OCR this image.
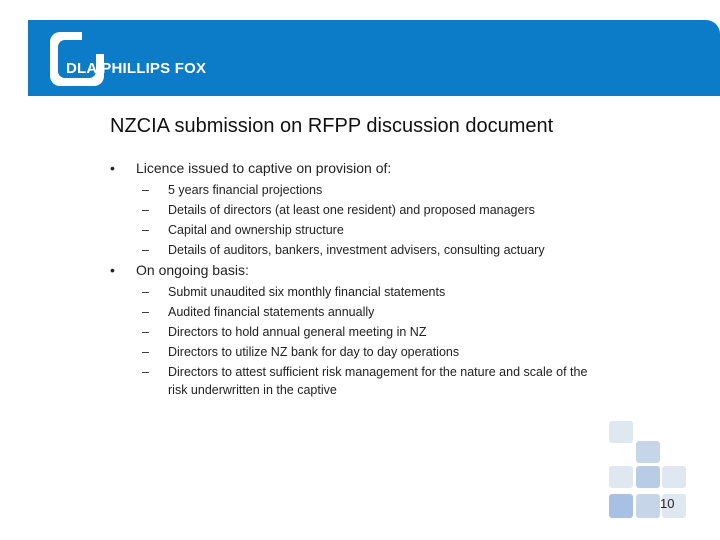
DLA PHILLIPS FOX
NZCIA submission on RFPP discussion document
• Licence issued to captive on provision of:
– 5 years financial projections
– Details of directors (at least one resident) and proposed managers
– Capital and ownership structure
– Details of auditors, bankers, investment advisers, consulting actuary
• On ongoing basis:
– Submit unaudited six monthly financial statements
– Audited financial statements annually
– Directors to hold annual general meeting in NZ
– Directors to utilize NZ bank for day to day operations
– Directors to attest sufficient risk management for the nature and scale of the risk underwritten in the captive
10
